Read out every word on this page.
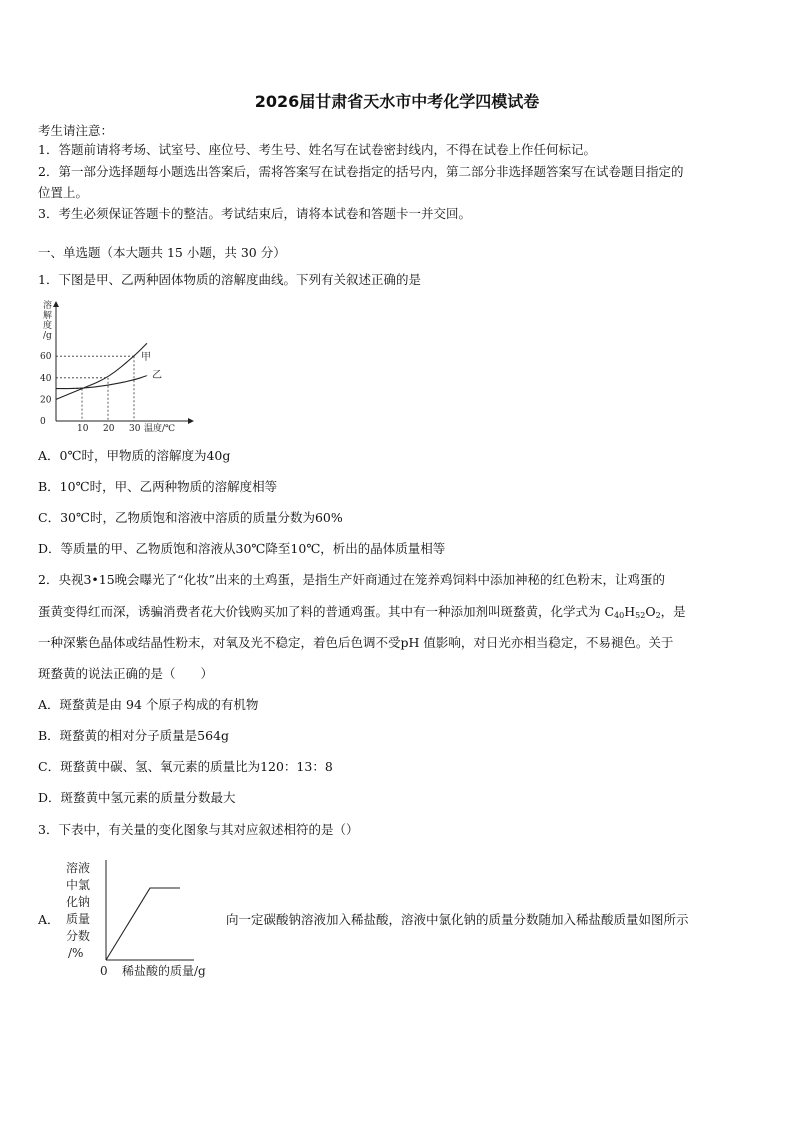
2026届甘肃省天水市中考化学四模试卷
考生请注意：
1．答题前请将考场、试室号、座位号、考生号、姓名写在试卷密封线内，不得在试卷上作任何标记。
2．第一部分选择题每小题选出答案后，需将答案写在试卷指定的括号内，第二部分非选择题答案写在试卷题目指定的
位置上。
3．考生必须保证答题卡的整洁。考试结束后，请将本试卷和答题卡一并交回。
一、单选题（本大题共 15 小题，共 30 分）
1．下图是甲、乙两种固体物质的溶解度曲线。下列有关叙述正确的是
溶
解
度
/g
60
40
20
0
10 20 30 温度/℃
甲
乙
A．0℃时，甲物质的溶解度为40g
B．10℃时，甲、乙两种物质的溶解度相等
C．30℃时，乙物质饱和溶液中溶质的质量分数为60%
D．等质量的甲、乙物质饱和溶液从30℃降至10℃，析出的晶体质量相等
2．央视3•15晚会曝光了“化妆”出来的土鸡蛋，是指生产奸商通过在笼养鸡饲料中添加神秘的红色粉末，让鸡蛋的
蛋黄变得红而深，诱骗消费者花大价钱购买加了料的普通鸡蛋。其中有一种添加剂叫斑蝥黄，化学式为 $C_{40}H_{52}O_2$，是
一种深紫色晶体或结晶性粉末，对氧及光不稳定，着色后色调不受pH 值影响，对日光亦相当稳定，不易褪色。关于
斑蝥黄的说法正确的是（　　）
A．斑蝥黄是由 94 个原子构成的有机物
B．斑蝥黄的相对分子质量是564g
C．斑蝥黄中碳、氢、氧元素的质量比为120：13：8
D．斑蝥黄中氢元素的质量分数最大
3．下表中，有关量的变化图象与其对应叙述相符的是（）
A．
溶液
中氯
化钠
质量
分数
/%
0 稀盐酸的质量/g
向一定碳酸钠溶液加入稀盐酸，溶液中氯化钠的质量分数随加入稀盐酸质量如图所示
